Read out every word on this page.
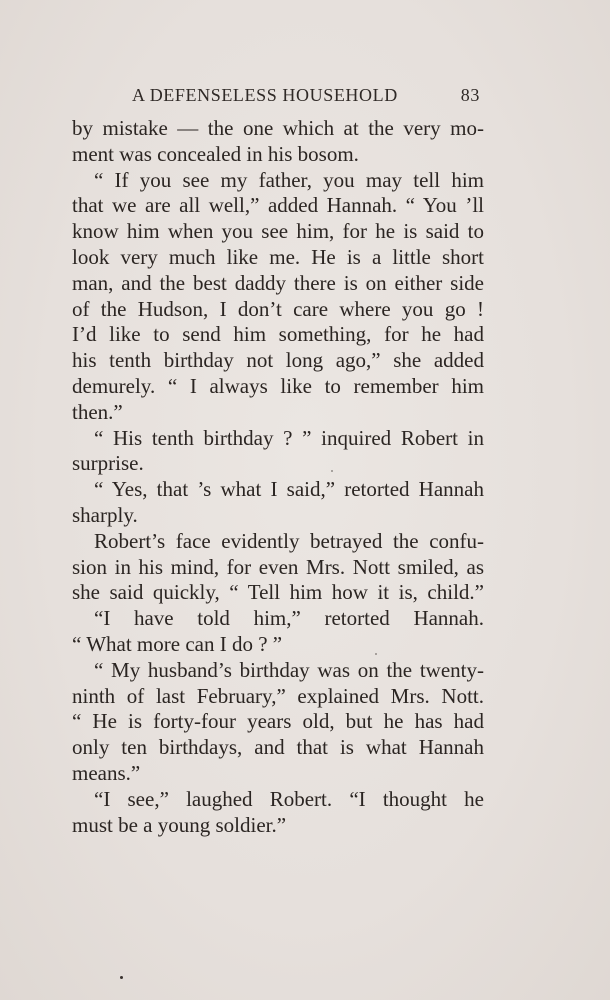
A DEFENSELESS HOUSEHOLD	83
by mistake — the one which at the very mo-
ment was concealed in his bosom.
“ If you see my father, you may tell him
that we are all well,” added Hannah. “ You ’ll
know him when you see him, for he is said to
look very much like me. He is a little short
man, and the best daddy there is on either side
of the Hudson, I don’t care where you go !
I’d like to send him something, for he had
his tenth birthday not long ago,” she added
demurely. “ I always like to remember him
then.”
“ His tenth birthday ? ” inquired Robert in
surprise.
“ Yes, that ’s what I said,” retorted Hannah
sharply.
Robert’s face evidently betrayed the confu-
sion in his mind, for even Mrs. Nott smiled, as
she said quickly, “ Tell him how it is, child.”
“I have told him,” retorted Hannah.
“ What more can I do ? ”
“ My husband’s birthday was on the twenty-
ninth of last February,” explained Mrs. Nott.
“ He is forty-four years old, but he has had
only ten birthdays, and that is what Hannah
means.”
“I see,” laughed Robert. “I thought he
must be a young soldier.”
